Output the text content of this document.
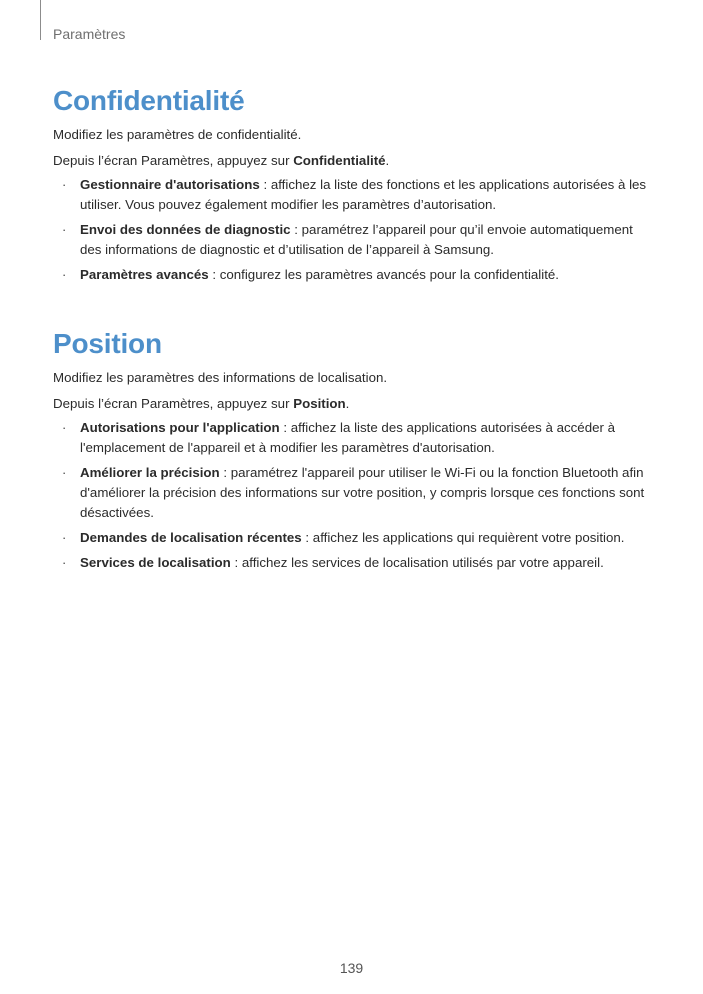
Paramètres
Confidentialité

Modifiez les paramètres de confidentialité.

Depuis l’écran Paramètres, appuyez sur Confidentialité.

· Gestionnaire d'autorisations : affichez la liste des fonctions et les applications autorisées à les utiliser. Vous pouvez également modifier les paramètres d’autorisation.
· Envoi des données de diagnostic : paramétrez l’appareil pour qu’il envoie automatiquement des informations de diagnostic et d’utilisation de l’appareil à Samsung.
· Paramètres avancés : configurez les paramètres avancés pour la confidentialité.
Position

Modifiez les paramètres des informations de localisation.

Depuis l’écran Paramètres, appuyez sur Position.

· Autorisations pour l'application : affichez la liste des applications autorisées à accéder à l'emplacement de l'appareil et à modifier les paramètres d'autorisation.
· Améliorer la précision : paramétrez l'appareil pour utiliser le Wi-Fi ou la fonction Bluetooth afin d'améliorer la précision des informations sur votre position, y compris lorsque ces fonctions sont désactivées.
· Demandes de localisation récentes : affichez les applications qui requièrent votre position.
· Services de localisation : affichez les services de localisation utilisés par votre appareil.
139
